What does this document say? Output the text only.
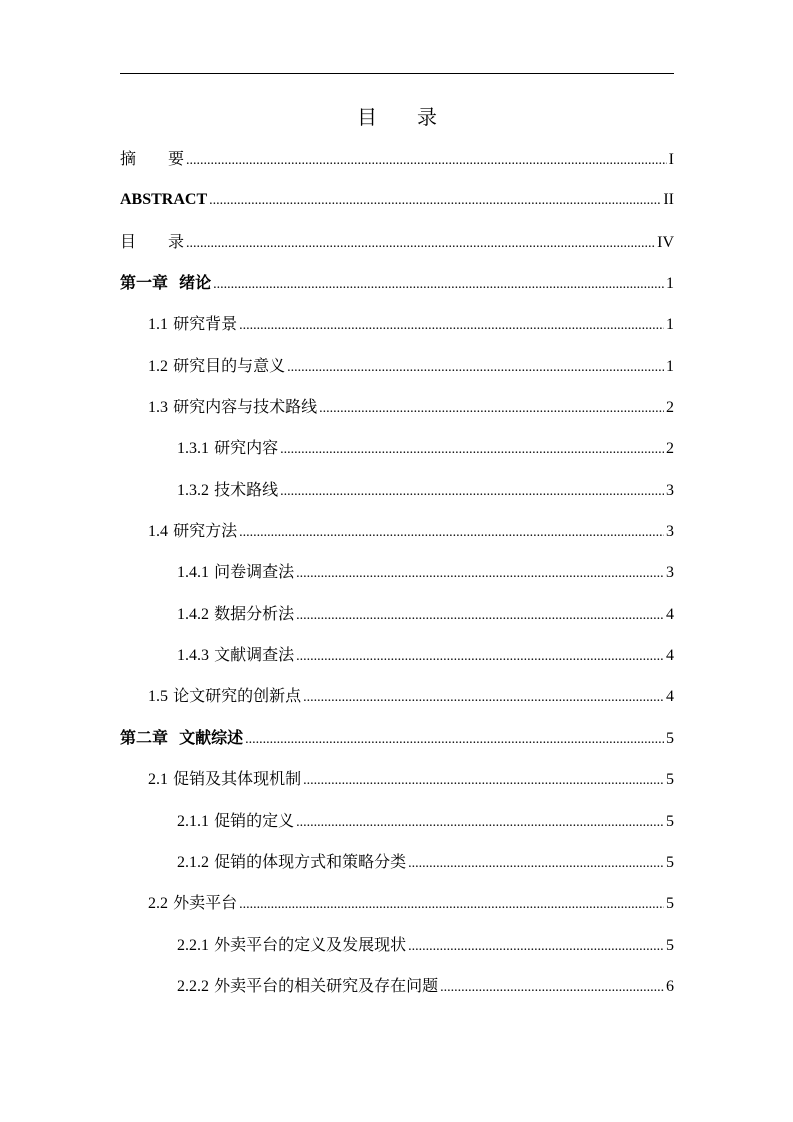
目　　录
摘　　要 .....	I
ABSTRACT .....	II
目　　录 .....	IV
第一章  绪论 .....	1
1.1 研究背景 .....	1
1.2 研究目的与意义 .....	1
1.3 研究内容与技术路线 .....	2
1.3.1 研究内容 .....	2
1.3.2 技术路线 .....	3
1.4 研究方法 .....	3
1.4.1 问卷调查法 .....	3
1.4.2 数据分析法 .....	4
1.4.3 文献调查法 .....	4
1.5 论文研究的创新点 .....	4
第二章  文献综述 .....	5
2.1 促销及其体现机制 .....	5
2.1.1 促销的定义 .....	5
2.1.2 促销的体现方式和策略分类 .....	5
2.2 外卖平台 .....	5
2.2.1 外卖平台的定义及发展现状 .....	5
2.2.2 外卖平台的相关研究及存在问题 .....	6
